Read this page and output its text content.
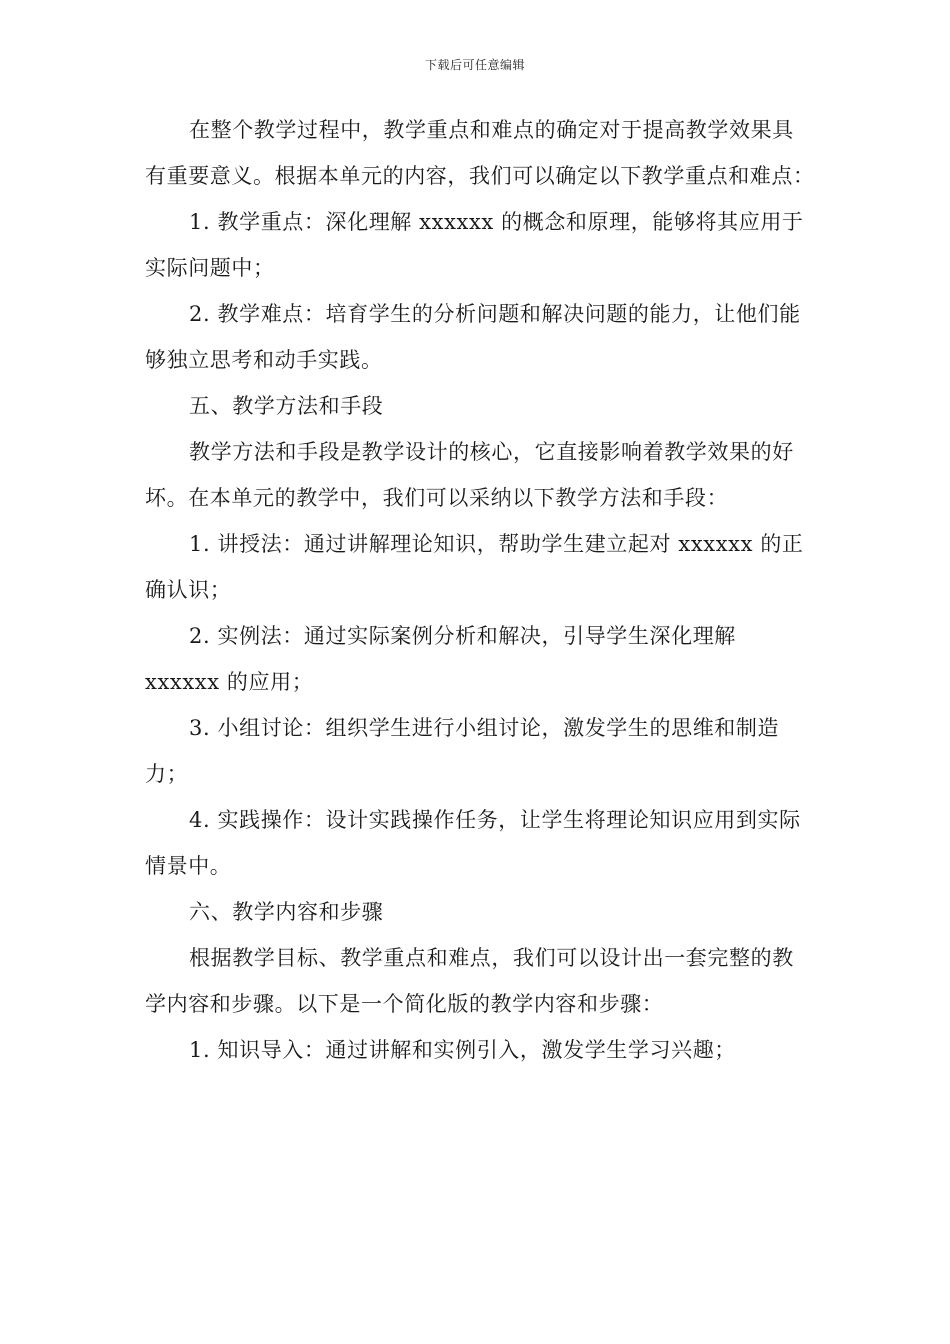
下载后可任意编辑

在整个教学过程中，教学重点和难点的确定对于提高教学效果具有重要意义。根据本单元的内容，我们可以确定以下教学重点和难点：

1. 教学重点：深化理解 xxxxxx 的概念和原理，能够将其应用于实际问题中；

2. 教学难点：培育学生的分析问题和解决问题的能力，让他们能够独立思考和动手实践。

五、教学方法和手段

教学方法和手段是教学设计的核心，它直接影响着教学效果的好坏。在本单元的教学中，我们可以采纳以下教学方法和手段：

1. 讲授法：通过讲解理论知识，帮助学生建立起对 xxxxxx 的正确认识；

2. 实例法：通过实际案例分析和解决，引导学生深化理解 xxxxxx 的应用；

3. 小组讨论：组织学生进行小组讨论，激发学生的思维和制造力；

4. 实践操作：设计实践操作任务，让学生将理论知识应用到实际情景中。

六、教学内容和步骤

根据教学目标、教学重点和难点，我们可以设计出一套完整的教学内容和步骤。以下是一个简化版的教学内容和步骤：

1. 知识导入：通过讲解和实例引入，激发学生学习兴趣；
